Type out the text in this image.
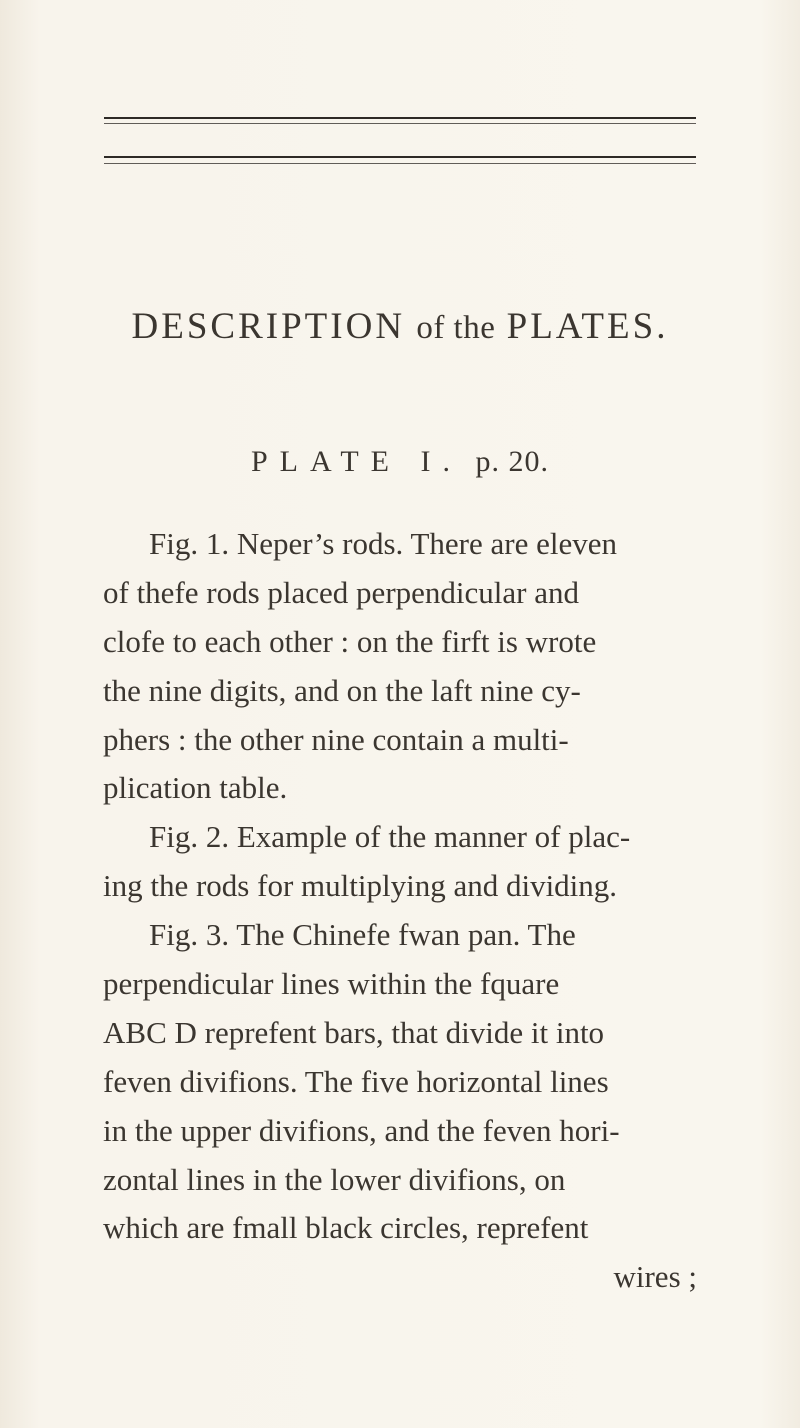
DESCRIPTION of the PLATES.
PLATE I. p. 20.
Fig. 1. Neper’s rods. There are eleven
of thefe rods placed perpendicular and
clofe to each other : on the firft is wrote
the nine digits, and on the laft nine cy-
phers : the other nine contain a multi-
plication table.
Fig. 2. Example of the manner of plac-
ing the rods for multiplying and dividing.
Fig. 3. The Chinefe fwan pan. The
perpendicular lines within the fquare
ABC D reprefent bars, that divide it into
feven divifions. The five horizontal lines
in the upper divifions, and the feven hori-
zontal lines in the lower divifions, on
which are fmall black circles, reprefent
wires ;
